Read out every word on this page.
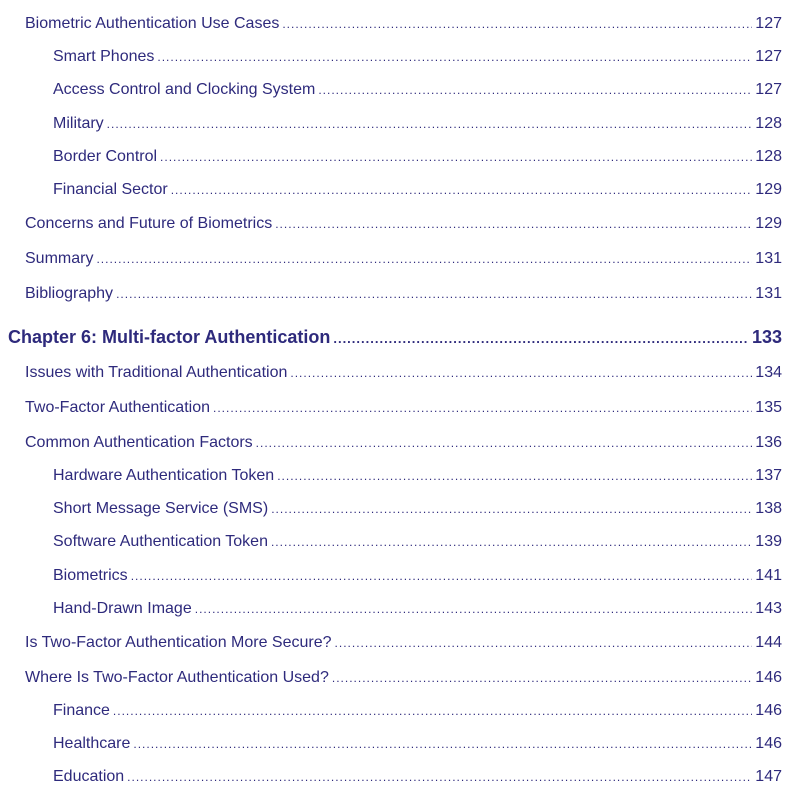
Biometric Authentication Use Cases .....	127
Smart Phones .....	127
Access Control and Clocking System .....	127
Military .....	128
Border Control .....	128
Financial Sector .....	129
Concerns and Future of Biometrics .....	129
Summary .....	131
Bibliography .....	131
Chapter 6: Multi-factor Authentication .....	133
Issues with Traditional Authentication .....	134
Two-Factor Authentication .....	135
Common Authentication Factors .....	136
Hardware Authentication Token .....	137
Short Message Service (SMS) .....	138
Software Authentication Token .....	139
Biometrics .....	141
Hand-Drawn Image .....	143
Is Two-Factor Authentication More Secure? .....	144
Where Is Two-Factor Authentication Used? .....	146
Finance .....	146
Healthcare .....	146
Education .....	147
